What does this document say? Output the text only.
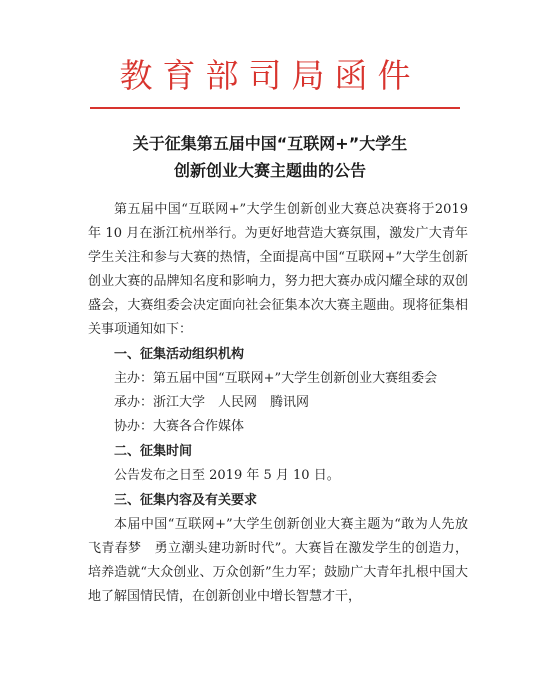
教育部司局函件
关于征集第五届中国“互联网+”大学生
创新创业大赛主题曲的公告

第五届中国“互联网+”大学生创新创业大赛总决赛将于2019 年 10 月在浙江杭州举行。为更好地营造大赛氛围，激发广大青年学生关注和参与大赛的热情，全面提高中国“互联网+”大学生创新创业大赛的品牌知名度和影响力，努力把大赛办成闪耀全球的双创盛会，大赛组委会决定面向社会征集本次大赛主题曲。现将征集相关事项通知如下：

一、征集活动组织机构
主办：第五届中国“互联网+”大学生创新创业大赛组委会
承办：浙江大学　人民网　腾讯网
协办：大赛各合作媒体
二、征集时间
公告发布之日至 2019 年 5 月 10 日。
三、征集内容及有关要求

本届中国“互联网+”大学生创新创业大赛主题为“敢为人先放飞青春梦　勇立潮头建功新时代”。大赛旨在激发学生的创造力，培养造就“大众创业、万众创新”生力军；鼓励广大青年扎根中国大地了解国情民情，在创新创业中增长智慧才干，
